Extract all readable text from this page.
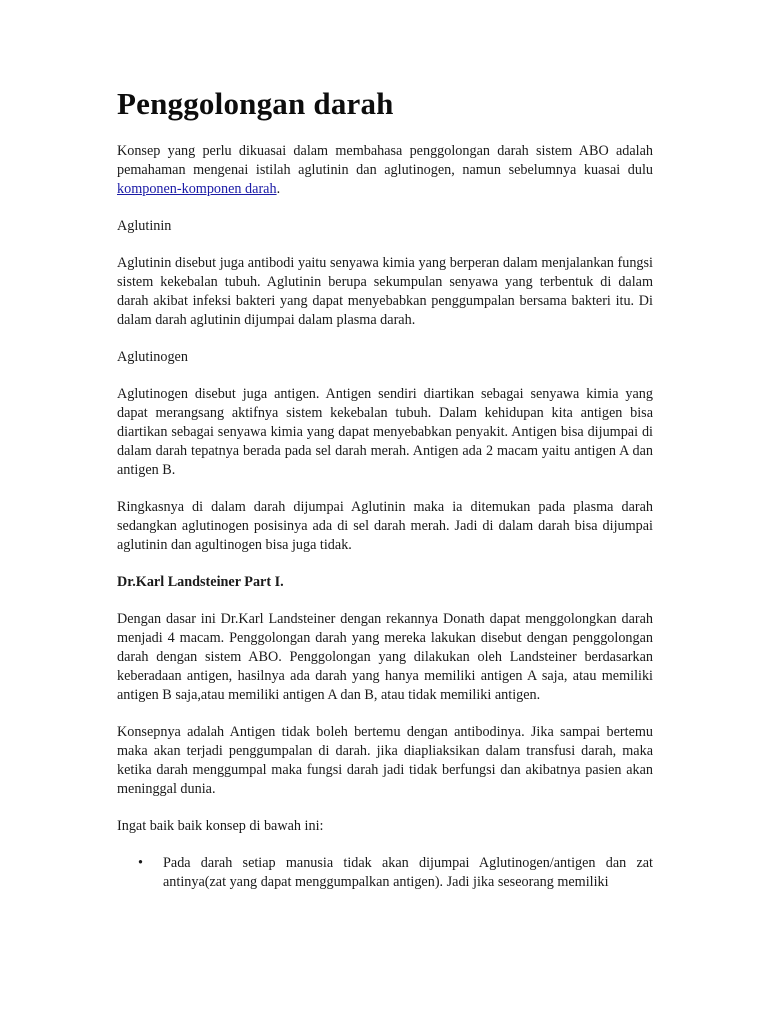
Penggolongan darah

Konsep yang perlu dikuasai dalam membahasa penggolongan darah sistem ABO adalah pemahaman mengenai istilah aglutinin dan aglutinogen, namun sebelumnya kuasai dulu komponen-komponen darah.

Aglutinin

Aglutinin disebut juga antibodi yaitu senyawa kimia yang berperan dalam menjalankan fungsi sistem kekebalan tubuh. Aglutinin berupa sekumpulan senyawa yang terbentuk di dalam darah akibat infeksi bakteri yang dapat menyebabkan penggumpalan bersama bakteri itu. Di dalam darah aglutinin dijumpai dalam plasma darah.

Aglutinogen

Aglutinogen disebut juga antigen. Antigen sendiri diartikan sebagai senyawa kimia yang dapat merangsang aktifnya sistem kekebalan tubuh. Dalam kehidupan kita antigen bisa diartikan sebagai senyawa kimia yang dapat menyebabkan penyakit. Antigen bisa dijumpai di dalam darah tepatnya berada pada sel darah merah. Antigen ada 2 macam yaitu antigen A dan antigen B.

Ringkasnya di dalam darah dijumpai Aglutinin maka ia ditemukan pada plasma darah sedangkan aglutinogen posisinya ada di sel darah merah. Jadi di dalam darah bisa dijumpai aglutinin dan agultinogen bisa juga tidak.

Dr.Karl Landsteiner Part I.

Dengan dasar ini Dr.Karl Landsteiner dengan rekannya Donath dapat menggolongkan darah menjadi 4 macam. Penggolongan darah yang mereka lakukan disebut dengan penggolongan darah dengan sistem ABO. Penggolongan yang dilakukan oleh Landsteiner berdasarkan keberadaan antigen, hasilnya ada darah yang hanya memiliki antigen A saja, atau memiliki antigen B saja,atau memiliki antigen A dan B, atau tidak memiliki antigen.

Konsepnya adalah Antigen tidak boleh bertemu dengan antibodinya. Jika sampai bertemu maka akan terjadi penggumpalan di darah. jika diapliaksikan dalam transfusi darah, maka ketika darah menggumpal maka fungsi darah jadi tidak berfungsi dan akibatnya pasien akan meninggal dunia.

Ingat baik baik konsep di bawah ini:

• Pada darah setiap manusia tidak akan dijumpai Aglutinogen/antigen dan zat antinya(zat yang dapat menggumpalkan antigen). Jadi jika seseorang memiliki
